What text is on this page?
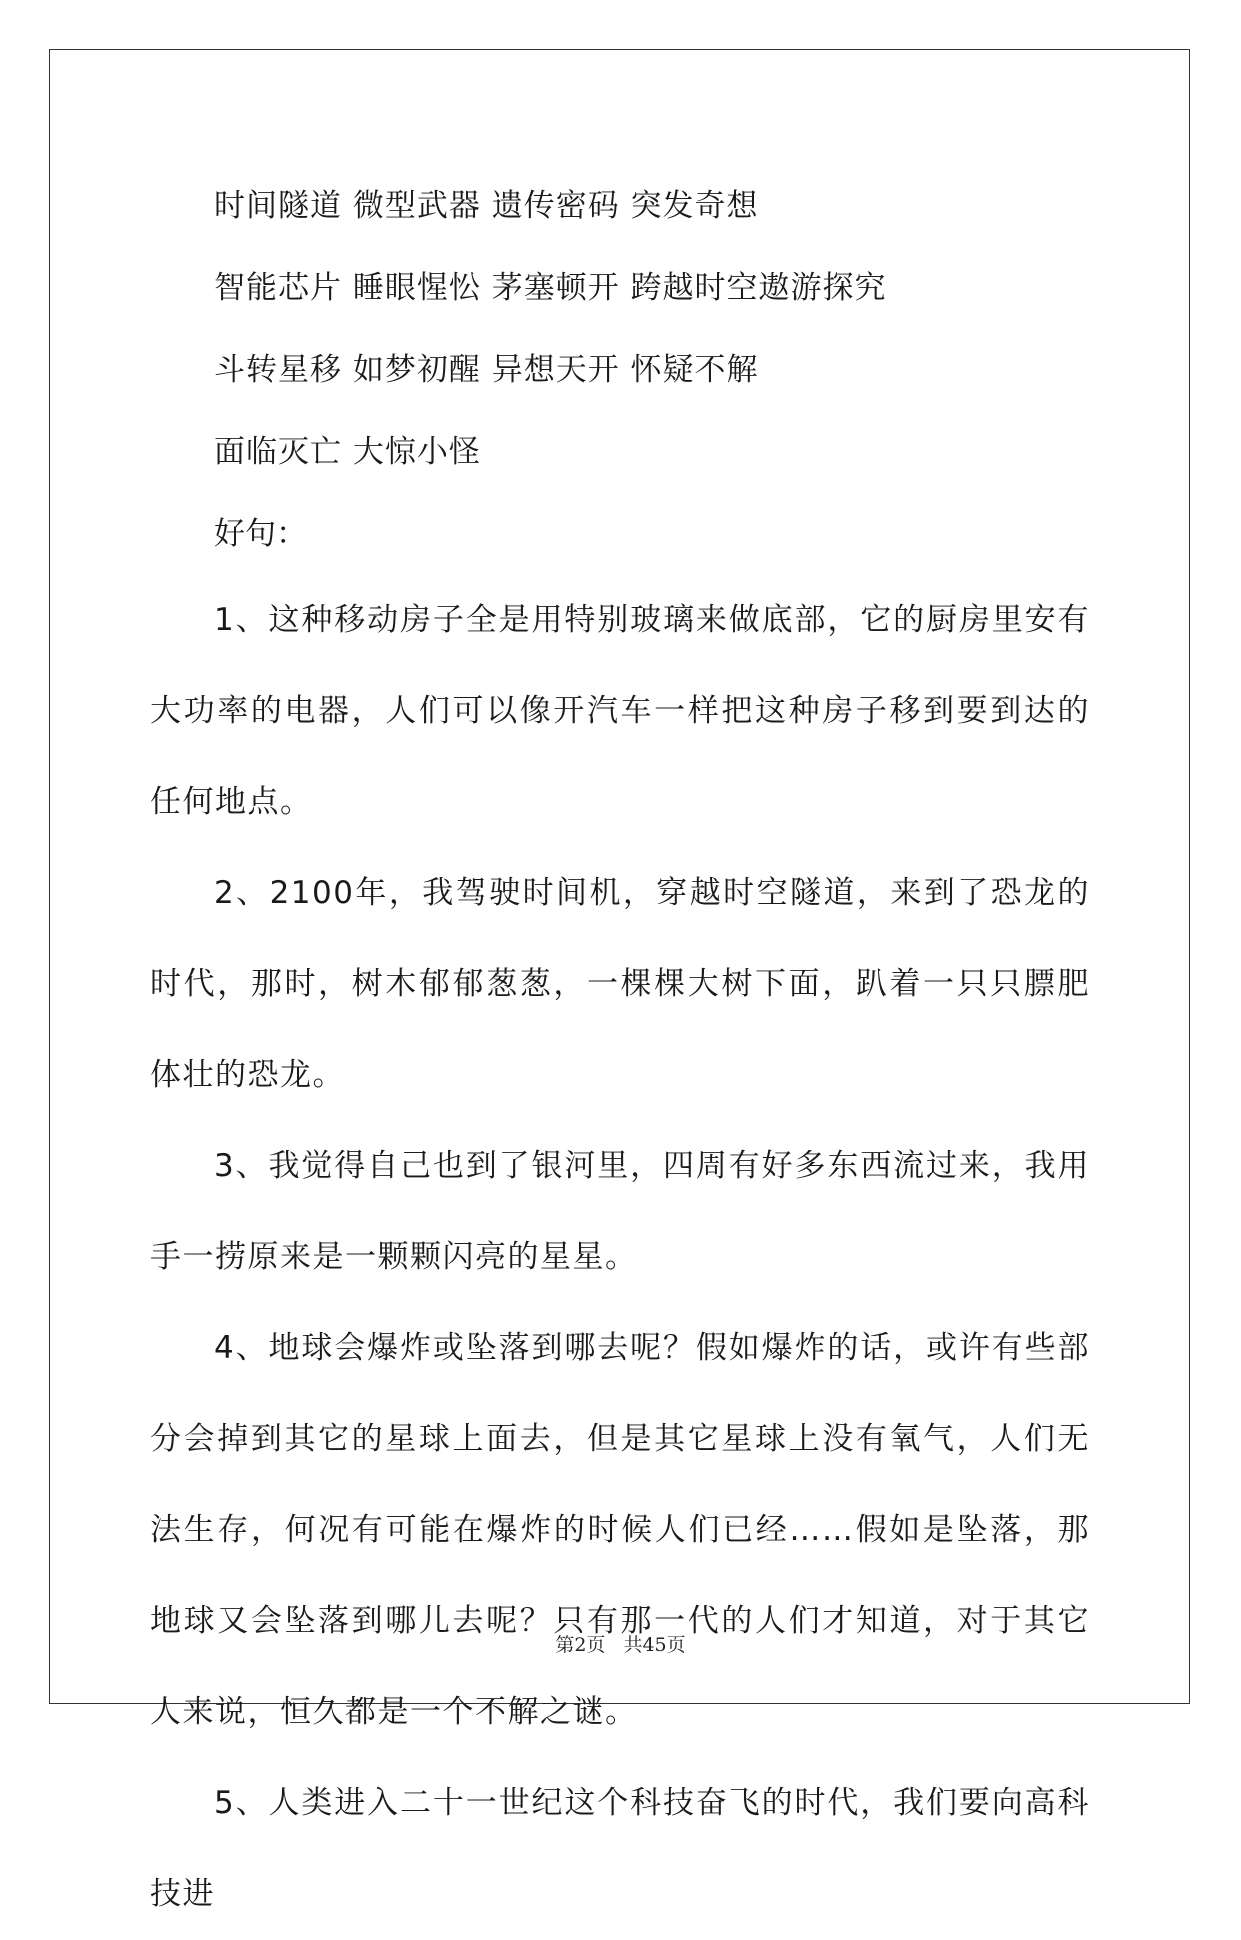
时间隧道 微型武器 遗传密码 突发奇想
智能芯片 睡眼惺忪 茅塞顿开 跨越时空遨游探究
斗转星移 如梦初醒 异想天开 怀疑不解
面临灭亡 大惊小怪
好句：
1、这种移动房子全是用特别玻璃来做底部，它的厨房里安有大功率的电器，人们可以像开汽车一样把这种房子移到要到达的任何地点。
2、2100年，我驾驶时间机，穿越时空隧道，来到了恐龙的时代，那时，树木郁郁葱葱，一棵棵大树下面，趴着一只只膘肥体壮的恐龙。
3、我觉得自己也到了银河里，四周有好多东西流过来，我用手一捞原来是一颗颗闪亮的星星。
4、地球会爆炸或坠落到哪去呢？假如爆炸的话，或许有些部分会掉到其它的星球上面去，但是其它星球上没有氧气，人们无法生存，何况有可能在爆炸的时候人们已经……假如是坠落，那地球又会坠落到哪儿去呢？只有那一代的人们才知道，对于其它人来说，恒久都是一个不解之谜。
5、人类进入二十一世纪这个科技奋飞的时代，我们要向高科技进
第2页 共45页
